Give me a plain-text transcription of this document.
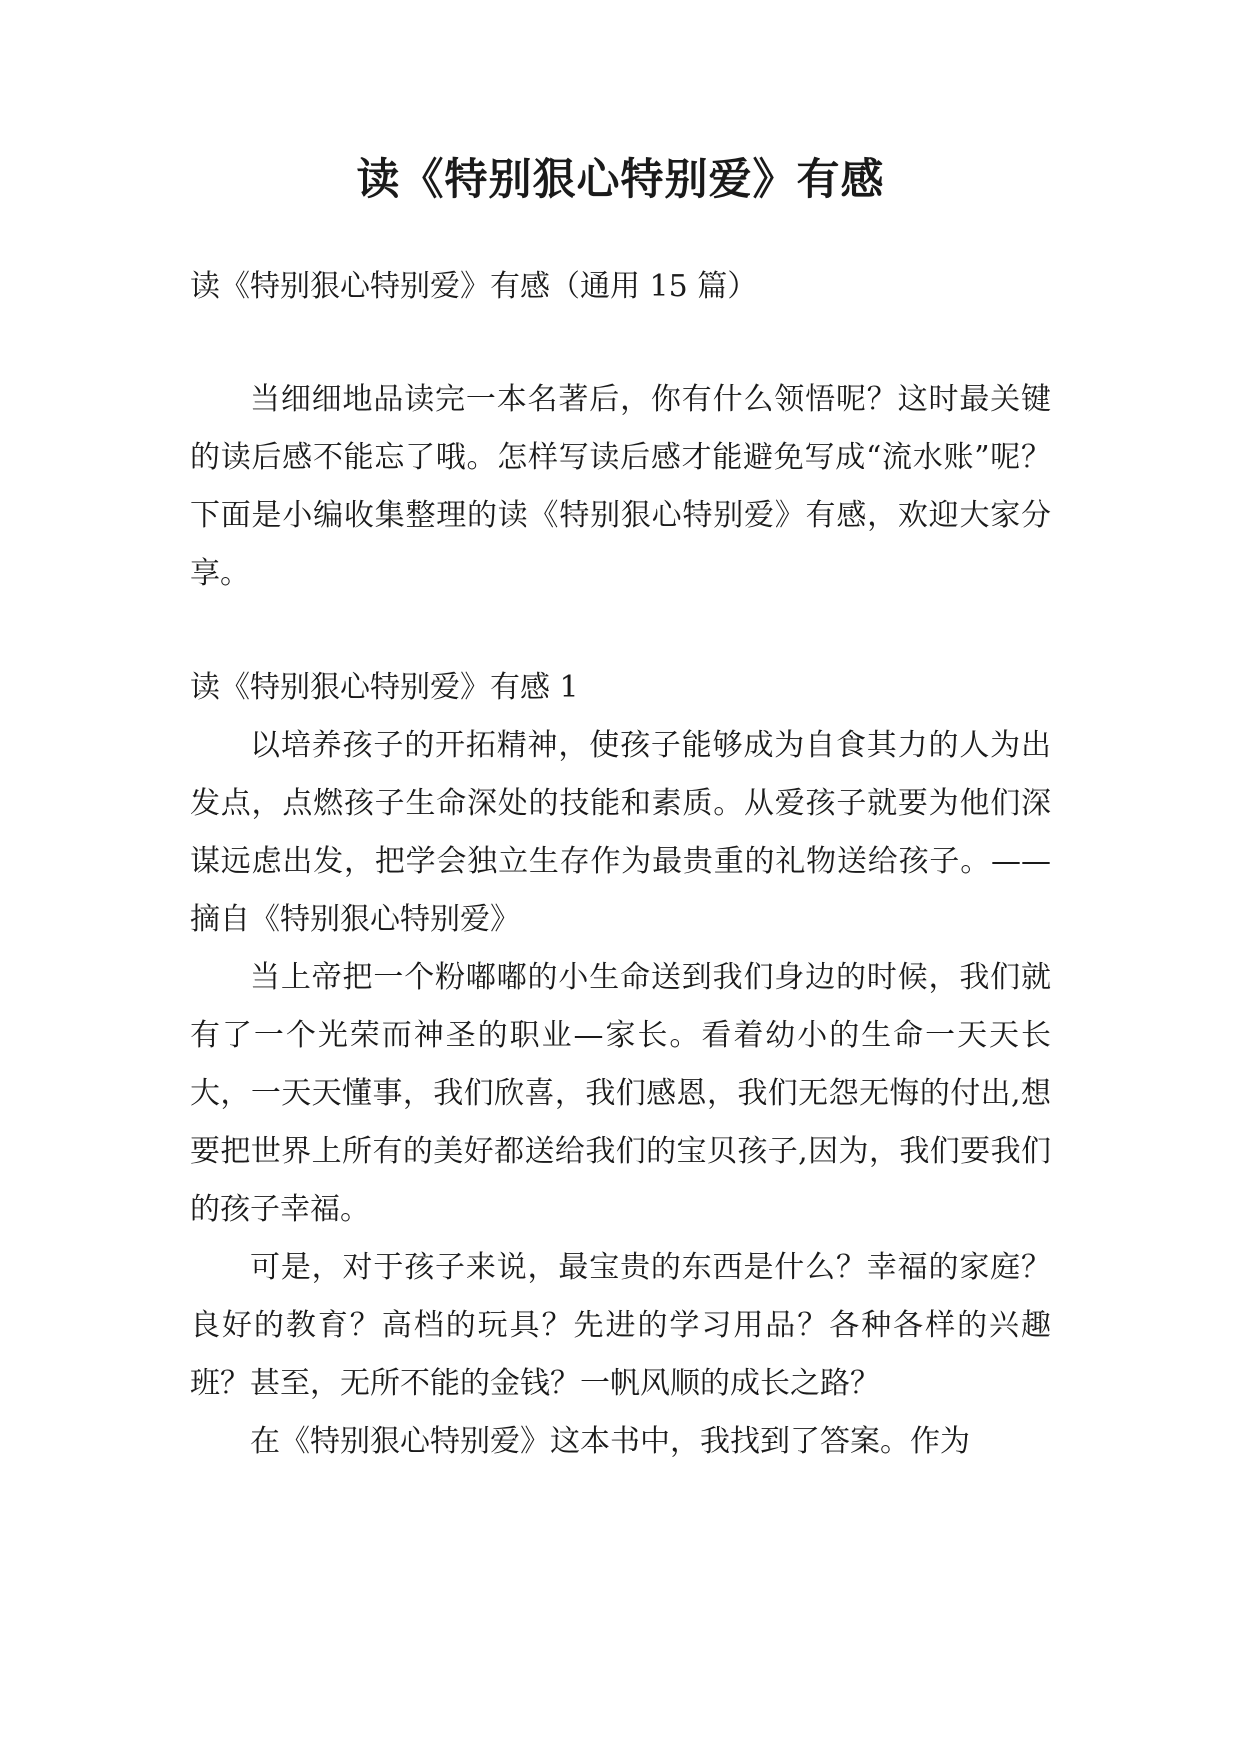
读《特别狠心特别爱》有感

读《特别狠心特别爱》有感（通用 15 篇）

当细细地品读完一本名著后，你有什么领悟呢？这时最关键的读后感不能忘了哦。怎样写读后感才能避免写成“流水账”呢？下面是小编收集整理的读《特别狠心特别爱》有感，欢迎大家分享。

读《特别狠心特别爱》有感 1

以培养孩子的开拓精神，使孩子能够成为自食其力的人为出发点，点燃孩子生命深处的技能和素质。从爱孩子就要为他们深谋远虑出发，把学会独立生存作为最贵重的礼物送给孩子。——摘自《特别狠心特别爱》

当上帝把一个粉嘟嘟的小生命送到我们身边的时候，我们就有了一个光荣而神圣的职业—家长。看着幼小的生命一天天长大，一天天懂事，我们欣喜，我们感恩，我们无怨无悔的付出,想要把世界上所有的美好都送给我们的宝贝孩子,因为，我们要我们的孩子幸福。

可是，对于孩子来说，最宝贵的东西是什么？幸福的家庭？良好的教育？高档的玩具？先进的学习用品？各种各样的兴趣班？甚至，无所不能的金钱？一帆风顺的成长之路？

在《特别狠心特别爱》这本书中，我找到了答案。作为
